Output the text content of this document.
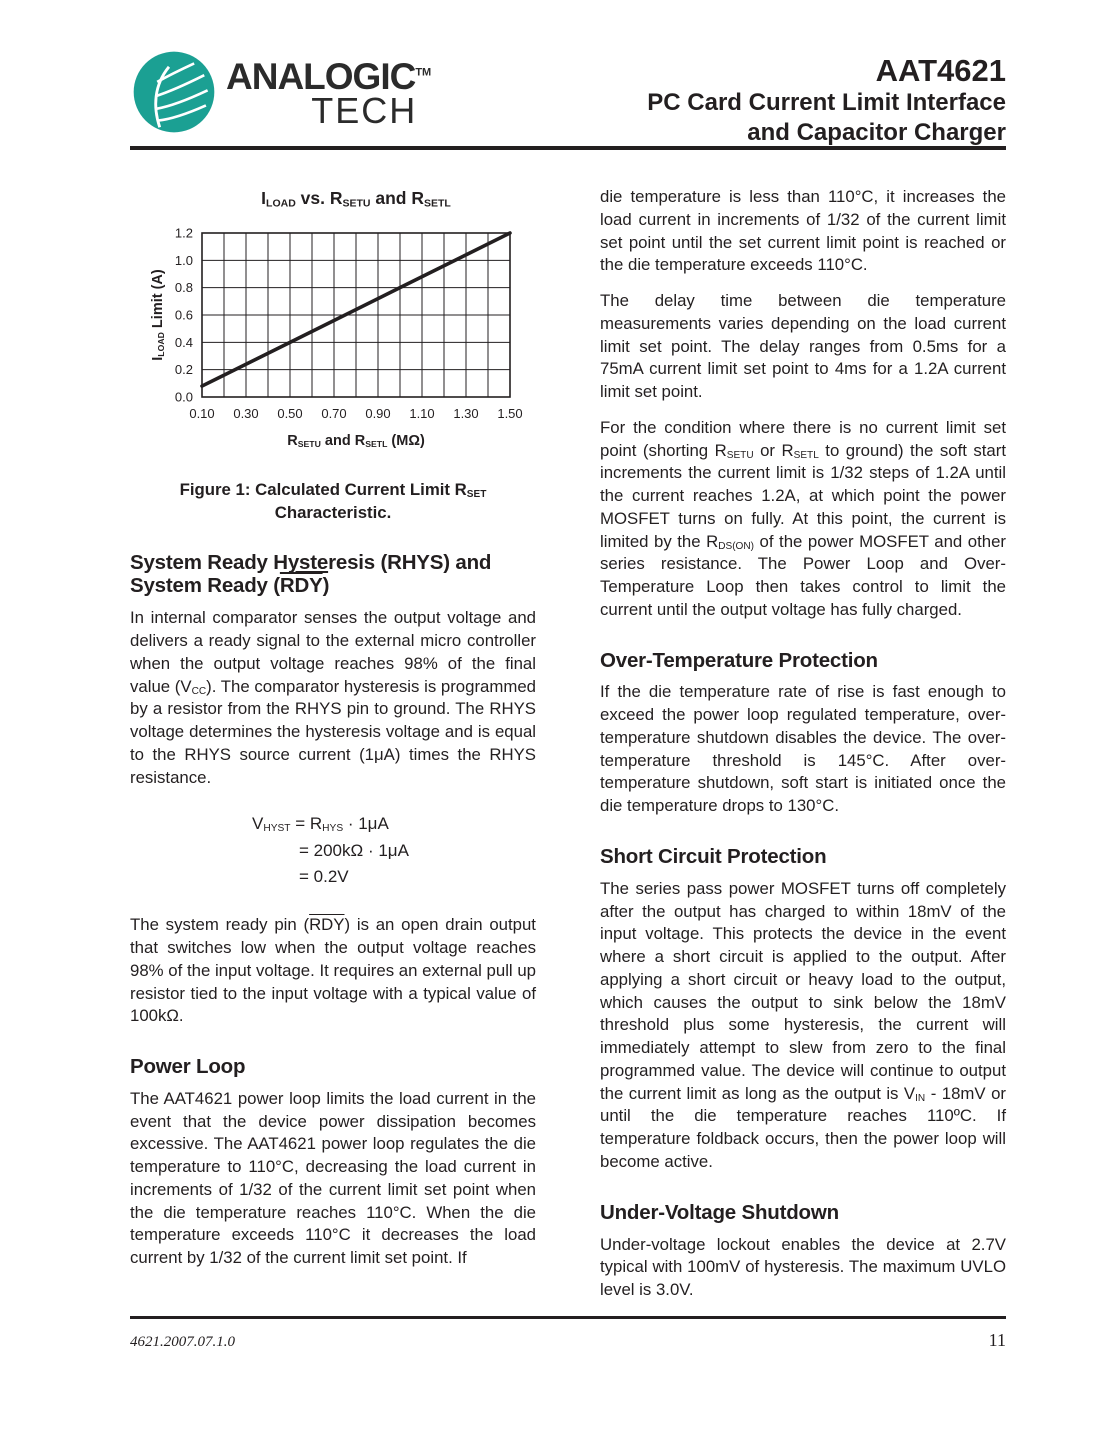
ANALOGIC™
TECH
AAT4621
PC Card Current Limit Interface
and Capacitor Charger
$I_{LOAD}$ vs. $R_{SETU}$ and $R_{SETL}$
$I_{LOAD}$ Limit (A)
0.10 0.30 0.50 0.70 0.90 1.10 1.30 1.50
0.0
0.2
0.4
0.6
0.8
1.0
1.2
$R_{SETU}$ and $R_{SETL}$ (MΩ)
Figure 1: Calculated Current Limit $R_{SET}$
Characteristic.
System Ready Hysteresis (RHYS) and
System Ready (RDY)

In internal comparator senses the output voltage and delivers a ready signal to the external micro controller when the output voltage reaches 98% of the final value $(V_{CC})$. The comparator hysteresis is programmed by a resistor from the RHYS pin to ground. The RHYS voltage determines the hysteresis voltage and is equal to the RHYS source current (1μA) times the RHYS resistance.

$V_{HYST} = R_{HYS} \cdot 1\mu A$
= 200kΩ · 1μA
= 0.2V

The system ready pin $(\overline{RDY})$ is an open drain output that switches low when the output voltage reaches 98% of the input voltage. It requires an external pull up resistor tied to the input voltage with a typical value of 100kΩ.

Power Loop

The AAT4621 power loop limits the load current in the event that the device power dissipation becomes excessive. The AAT4621 power loop regulates the die temperature to 110°C, decreasing the load current in increments of 1/32 of the current limit set point when the die temperature reaches 110°C. When the die temperature exceeds 110°C it decreases the load current by 1/32 of the current limit set point. If

die temperature is less than 110°C, it increases the load current in increments of 1/32 of the current limit set point until the set current limit point is reached or the die temperature exceeds 110°C.

The delay time between die temperature measurements varies depending on the load current limit set point. The delay ranges from 0.5ms for a 75mA current limit set point to 4ms for a 1.2A current limit set point.

For the condition where there is no current limit set point (shorting $R_{SETU}$ or $R_{SETL}$ to ground) the soft start increments the current limit is 1/32 steps of 1.2A until the current reaches 1.2A, at which point the power MOSFET turns on fully. At this point, the current is limited by the $R_{DS(ON)}$ of the power MOSFET and other series resistance. The Power Loop and Over-Temperature Loop then takes control to limit the current until the output voltage has fully charged.

Over-Temperature Protection

If the die temperature rate of rise is fast enough to exceed the power loop regulated temperature, over-temperature shutdown disables the device. The over-temperature threshold is 145°C. After over-temperature shutdown, soft start is initiated once the die temperature drops to 130°C.

Short Circuit Protection

The series pass power MOSFET turns off completely after the output has charged to within 18mV of the input voltage. This protects the device in the event where a short circuit is applied to the output. After applying a short circuit or heavy load to the output, which causes the output to sink below the 18mV threshold plus some hysteresis, the current will immediately attempt to slew from zero to the final programmed value. The device will continue to output the current limit as long as the output is $V_{IN} - 18mV$ or until the die temperature reaches 110ºC. If temperature foldback occurs, then the power loop will become active.

Under-Voltage Shutdown

Under-voltage lockout enables the device at 2.7V typical with 100mV of hysteresis. The maximum UVLO level is 3.0V.

4621.2007.07.1.0	11
